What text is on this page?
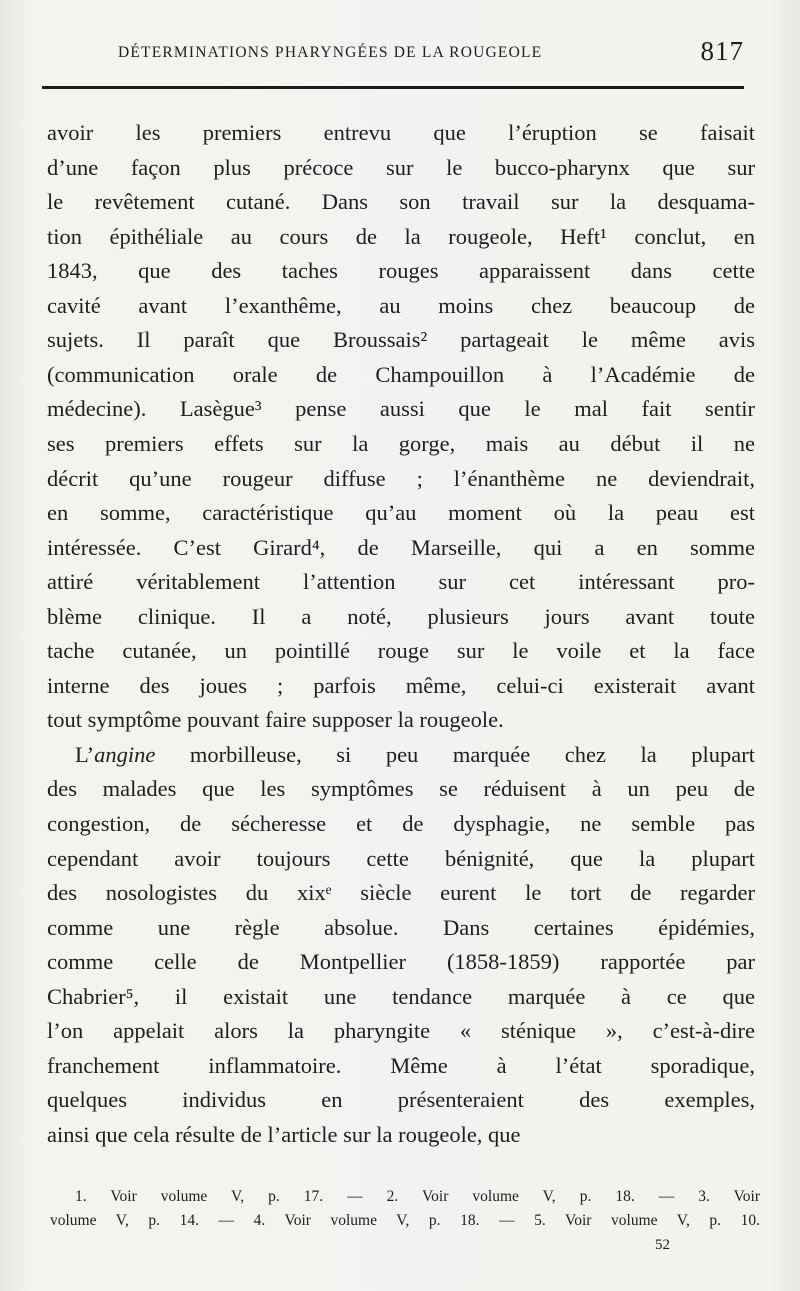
DÉTERMINATIONS PHARYNGÉES DE LA ROUGEOLE	817
avoir les premiers entrevu que l’éruption se faisait
d’une façon plus précoce sur le bucco-pharynx que sur
le revêtement cutané. Dans son travail sur la desquama-
tion épithéliale au cours de la rougeole, Heft¹ conclut, en
1843, que des taches rouges apparaissent dans cette
cavité avant l’exanthême, au moins chez beaucoup de
sujets. Il paraît que Broussais² partageait le même avis
(communication orale de Champouillon à l’Académie de
médecine). Lasègue³ pense aussi que le mal fait sentir
ses premiers effets sur la gorge, mais au début il ne
décrit qu’une rougeur diffuse ; l’énanthème ne deviendrait,
en somme, caractéristique qu’au moment où la peau est
intéressée. C’est Girard⁴, de Marseille, qui a en somme
attiré véritablement l’attention sur cet intéressant pro-
blème clinique. Il a noté, plusieurs jours avant toute
tache cutanée, un pointillé rouge sur le voile et la face
interne des joues ; parfois même, celui-ci existerait avant
tout symptôme pouvant faire supposer la rougeole.
L’angine morbilleuse, si peu marquée chez la plupart
des malades que les symptômes se réduisent à un peu de
congestion, de sécheresse et de dysphagie, ne semble pas
cependant avoir toujours cette bénignité, que la plupart
des nosologistes du xixᵉ siècle eurent le tort de regarder
comme une règle absolue. Dans certaines épidémies,
comme celle de Montpellier (1858-1859) rapportée par
Chabrier⁵, il existait une tendance marquée à ce que
l’on appelait alors la pharyngite « sténique », c’est-à-dire
franchement inflammatoire. Même à l’état sporadique,
quelques individus en présenteraient des exemples,
ainsi que cela résulte de l’article sur la rougeole, que
1. Voir volume V, p. 17. — 2. Voir volume V, p. 18. — 3. Voir
volume V, p. 14. — 4. Voir volume V, p. 18. — 5. Voir volume V, p. 10.
52
